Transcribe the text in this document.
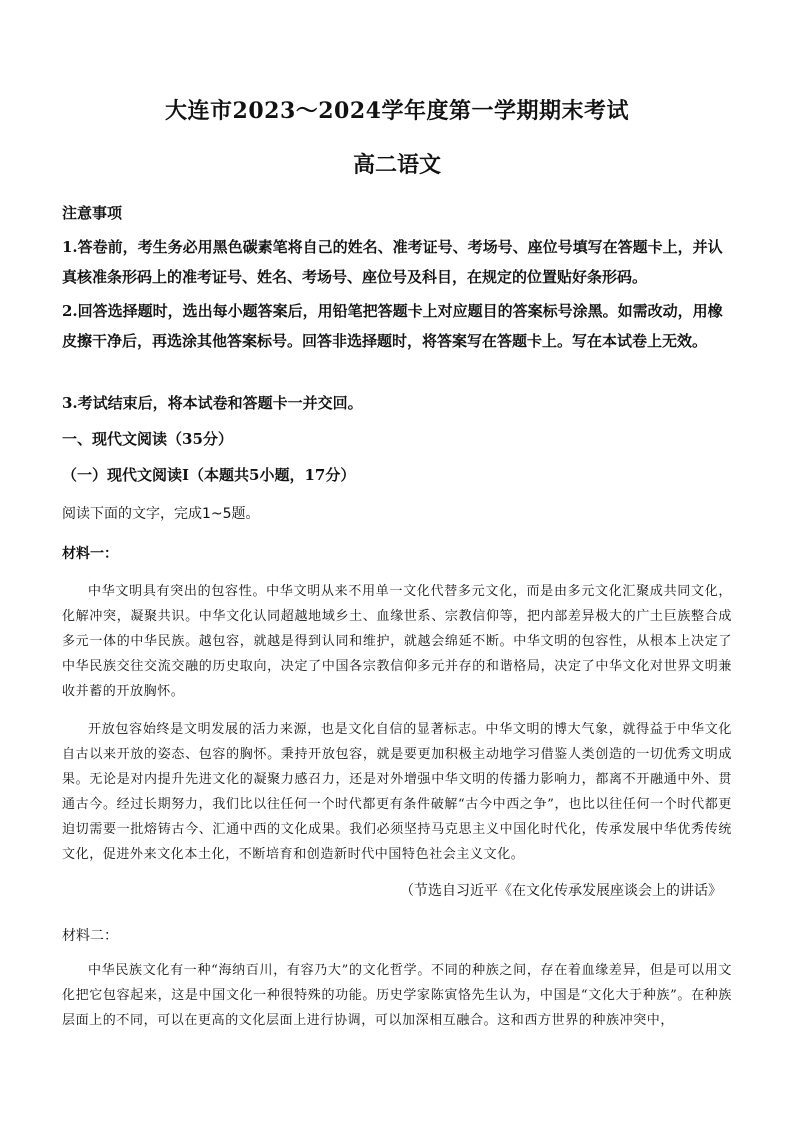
大连市2023～2024学年度第一学期期末考试
高二语文
注意事项
1.答卷前，考生务必用黑色碳素笔将自己的姓名、准考证号、考场号、座位号填写在答题卡上，并认真核准条形码上的准考证号、姓名、考场号、座位号及科目，在规定的位置贴好条形码。
2.回答选择题时，选出每小题答案后，用铅笔把答题卡上对应题目的答案标号涂黑。如需改动，用橡皮擦干净后，再选涂其他答案标号。回答非选择题时，将答案写在答题卡上。写在本试卷上无效。
3.考试结束后，将本试卷和答题卡一并交回。
一、现代文阅读（35分）
（一）现代文阅读Ⅰ（本题共5小题，17分）
阅读下面的文字，完成1~5题。
材料一：
中华文明具有突出的包容性。中华文明从来不用单一文化代替多元文化，而是由多元文化汇聚成共同文化，化解冲突，凝聚共识。中华文化认同超越地域乡土、血缘世系、宗教信仰等，把内部差异极大的广土巨族整合成多元一体的中华民族。越包容，就越是得到认同和维护，就越会绵延不断。中华文明的包容性，从根本上决定了中华民族交往交流交融的历史取向，决定了中国各宗教信仰多元并存的和谐格局，决定了中华文化对世界文明兼收并蓄的开放胸怀。
开放包容始终是文明发展的活力来源，也是文化自信的显著标志。中华文明的博大气象，就得益于中华文化自古以来开放的姿态、包容的胸怀。秉持开放包容，就是要更加积极主动地学习借鉴人类创造的一切优秀文明成果。无论是对内提升先进文化的凝聚力感召力，还是对外增强中华文明的传播力影响力，都离不开融通中外、贯通古今。经过长期努力，我们比以往任何一个时代都更有条件破解“古今中西之争”，也比以往任何一个时代都更迫切需要一批熔铸古今、汇通中西的文化成果。我们必须坚持马克思主义中国化时代化，传承发展中华优秀传统文化，促进外来文化本土化，不断培育和创造新时代中国特色社会主义文化。
（节选自习近平《在文化传承发展座谈会上的讲话》
材料二：
中华民族文化有一种“海纳百川，有容乃大”的文化哲学。不同的种族之间，存在着血缘差异，但是可以用文化把它包容起来，这是中国文化一种很特殊的功能。历史学家陈寅恪先生认为，中国是“文化大于种族”。在种族层面上的不同，可以在更高的文化层面上进行协调，可以加深相互融合。这和西方世界的种族冲突中，
